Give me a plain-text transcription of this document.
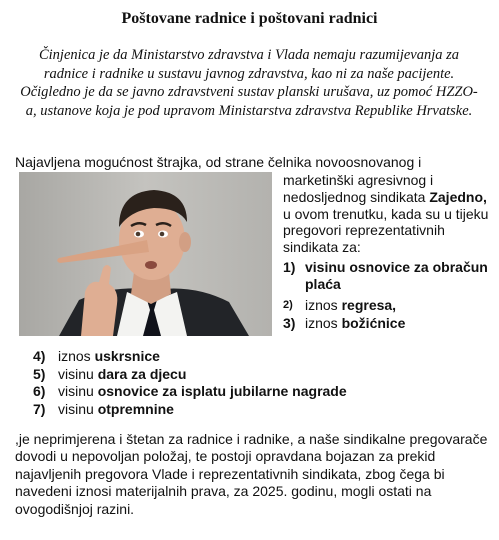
Poštovane radnice i poštovani radnici
Činjenica je da Ministarstvo zdravstva i Vlada nemaju razumijevanja za radnice i radnike u sustavu javnog zdravstva, kao ni za naše pacijente. Očigledno je da se javno zdravstveni sustav planski urušava, uz pomoć HZZO-a, ustanove koja je pod upravom Ministarstva zdravstva Republike Hrvatske.
Najavljena mogućnost štrajka, od strane čelnika novoosnovanog i

marketinški agresivnog i nedosljednog sindikata Zajedno, u ovom trenutku, kada su u tijeku pregovori reprezentativnih sindikata za:

1) visinu osnovice za obračun plaća
2) iznos regresa,
3) iznos božićnice
4) iznos uskrsnice
5) visinu dara za djecu
6) visinu osnovice za isplatu jubilarne nagrade
7) visinu otpremnine
,je neprimjerena i štetan za radnice i radnike, a naše sindikalne pregovarače dovodi u nepovoljan položaj, te postoji opravdana bojazan za prekid najavljenih pregovora Vlade i reprezentativnih sindikata, zbog čega bi navedeni iznosi materijalnih prava, za 2025. godinu, mogli ostati na ovogodišnjoj razini.
